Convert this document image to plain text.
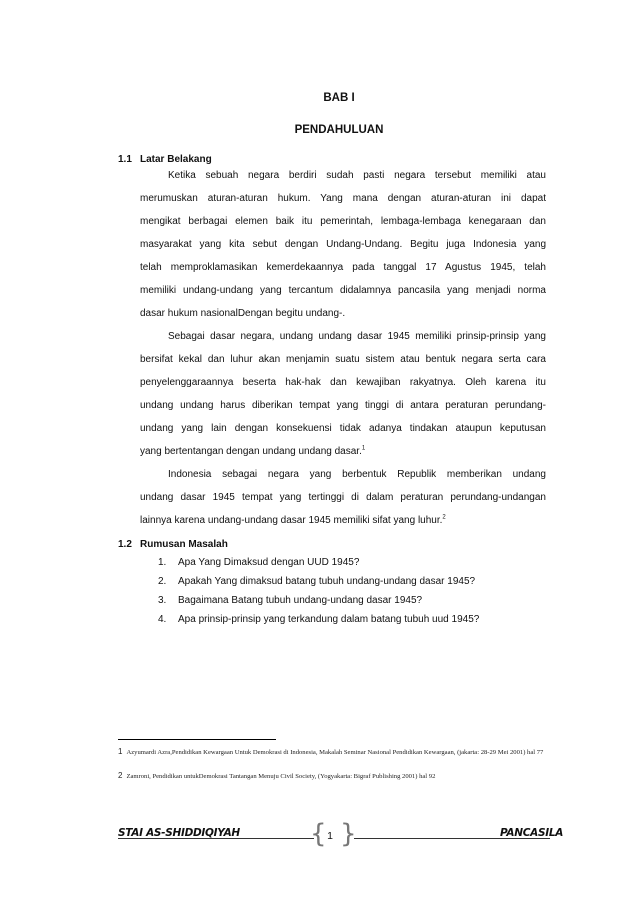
BAB I
PENDAHULUAN
1.1 Latar Belakang
Ketika sebuah negara berdiri sudah pasti negara tersebut memiliki atau
merumuskan aturan-aturan hukum. Yang mana dengan aturan-aturan ini dapat
mengikat berbagai elemen baik itu pemerintah, lembaga-lembaga kenegaraan dan
masyarakat yang kita sebut dengan Undang-Undang. Begitu juga Indonesia yang
telah memproklamasikan kemerdekaannya pada tanggal 17 Agustus 1945, telah
memiliki undang-undang yang tercantum didalamnya pancasila yang menjadi norma
dasar hukum nasionalDengan begitu undang-.
Sebagai dasar negara, undang undang dasar 1945 memiliki prinsip-prinsip yang
bersifat kekal dan luhur akan menjamin suatu sistem atau bentuk negara serta cara
penyelenggaraannya beserta hak-hak dan kewajiban rakyatnya. Oleh karena itu
undang undang harus diberikan tempat yang tinggi di antara peraturan perundang-
undang yang lain dengan konsekuensi tidak adanya tindakan ataupun keputusan
yang bertentangan dengan undang undang dasar.$^1$
Indonesia sebagai negara yang berbentuk Republik memberikan undang
undang dasar 1945 tempat yang tertinggi di dalam peraturan perundang-undangan
lainnya karena undang-undang dasar 1945 memiliki sifat yang luhur.$^2$
1.2 Rumusan Masalah
1. Apa Yang Dimaksud dengan UUD 1945?
2. Apakah Yang dimaksud batang tubuh undang-undang dasar 1945?
3. Bagaimana Batang tubuh undang-undang dasar 1945?
4. Apa prinsip-prinsip yang terkandung dalam batang tubuh uud 1945?
1 Azyumardi Azra,Pendidikan Kewargaan Untuk Demokrasi di Indonesia, Makalah Seminar Nasional Pendidikan Kewargaan, (jakarta: 28-29 Mei 2001) hal 77
2 Zamroni, Pendidikan untukDemokrasi Tantangan Menuju Civil Society, (Yogyakarta: Bigraf Publishing 2001) hal 92
STAI AS-SHIDDIQIYAH	{ 1 }	PANCASILA
